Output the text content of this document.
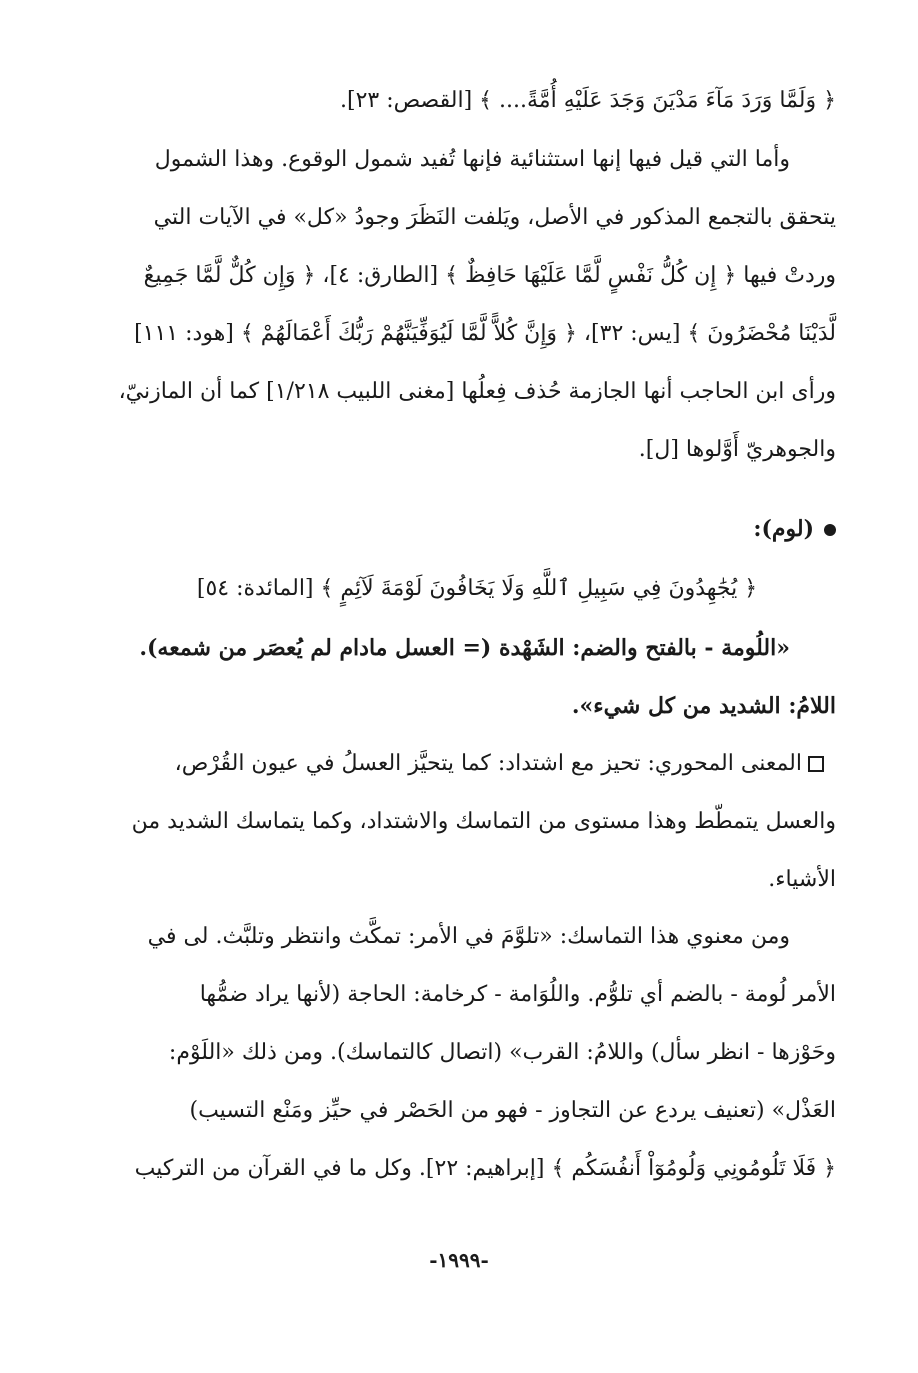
﴿ وَلَمَّا وَرَدَ مَآءَ مَدْيَنَ وَجَدَ عَلَيْهِ أُمَّةً.... ﴾ [القصص: ٢٣].
وأما التي قيل فيها إنها استثنائية فإنها تُفيد شمول الوقوع. وهذا الشمول
يتحقق بالتجمع المذكور في الأصل، ويَلفت النَظَرَ وجودُ «كل» في الآيات التي
وردتْ فيها ﴿ إِن كُلُّ نَفْسٍ لَّمَّا عَلَيْهَا حَافِظٌ ﴾ [الطارق: ٤]، ﴿ وَإِن كُلٌّ لَّمَّا جَمِيعٌ
لَّدَيْنَا مُحْضَرُونَ ﴾ [يس: ٣٢]، ﴿ وَإِنَّ كُلاًّ لَّمَّا لَيُوَفِّيَنَّهُمْ رَبُّكَ أَعْمَالَهُمْ ﴾ [هود: ١١١]
ورأى ابن الحاجب أنها الجازمة حُذف فِعلُها [مغنى اللبيب ١/٢١٨] كما أن المازنيّ،
والجوهريّ أَوَّلوها [ل].
(لوم):
﴿ يُجَٰهِدُونَ فِي سَبِيلِ ٱللَّهِ وَلَا يَخَافُونَ لَوْمَةَ لَآئِمٍ ﴾ [المائدة: ٥٤]
«اللُومة - بالفتح والضم: الشَهْدة (= العسل مادام لم يُعصَر من شمعه).
اللامُ: الشديد من كل شيء».
المعنى المحوري: تحيز مع اشتداد: كما يتحيَّز العسلُ في عيون القُرْص،
والعسل يتمطّط وهذا مستوى من التماسك والاشتداد، وكما يتماسك الشديد من
الأشياء.
ومن معنوي هذا التماسك: «تلوَّمَ في الأمر: تمكَّث وانتظر وتلبَّث. لى في
الأمر لُومة - بالضم أي تلوُّم. واللُوَامة - كرخامة: الحاجة (لأنها يراد ضمُّها
وحَوْزها - انظر سأل) واللامُ: القرب» (اتصال كالتماسك). ومن ذلك «اللَوْم:
العَذْل» (تعنيف يردع عن التجاوز - فهو من الحَصْر في حيِّز ومَنْع التسيب)
﴿ فَلَا تَلُومُونِي وَلُومُوٓاْ أَنفُسَكُم ﴾ [إبراهيم: ٢٢]. وكل ما في القرآن من التركيب
-١٩٩٩-
